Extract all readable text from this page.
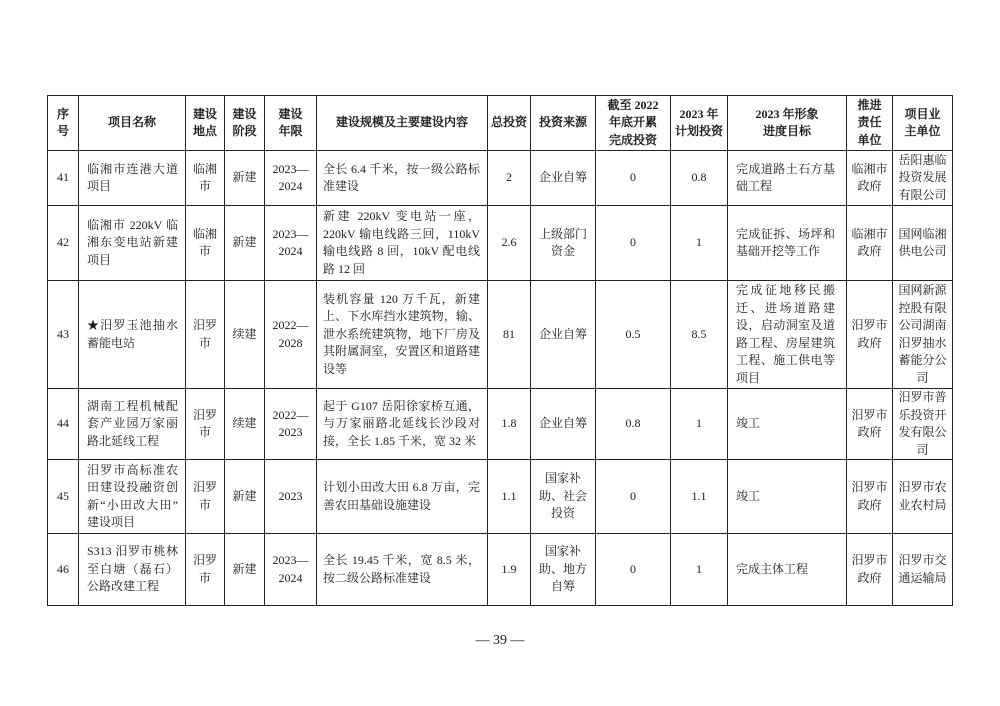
序号	项目名称	建设地点	建设阶段	建设年限	建设规模及主要建设内容	总投资	投资来源	截至 2022 年底开累完成投资	2023 年计划投资	2023 年形象进度目标	推进责任单位	项目业主单位
41	临湘市连港大道项目	临湘市	新建	2023—2024	全长 6.4 千米，按一级公路标准建设	2	企业自筹	0	0.8	完成道路土石方基础工程	临湘市政府	岳阳惠临投资发展有限公司
42	临湘市 220kV 临湘东变电站新建项目	临湘市	新建	2023—2024	新建 220kV 变电站一座，220kV 输电线路三回，110kV 输电线路 8 回，10kV 配电线路 12 回	2.6	上级部门资金	0	1	完成征拆、场坪和基础开挖等工作	临湘市政府	国网临湘供电公司
43	★汨罗玉池抽水蓄能电站	汨罗市	续建	2022—2028	装机容量 120 万千瓦，新建上、下水库挡水建筑物，输、泄水系统建筑物，地下厂房及其附属洞室，安置区和道路建设等	81	企业自筹	0.5	8.5	完成征地移民搬迁、进场道路建设，启动洞室及道路工程、房屋建筑工程、施工供电等项目	汨罗市政府	国网新源控股有限公司湖南汨罗抽水蓄能分公司
44	湖南工程机械配套产业园万家丽路北延线工程	汨罗市	续建	2022—2023	起于 G107 岳阳徐家桥互通，与万家丽路北延线长沙段对接，全长 1.85 千米，宽 32 米	1.8	企业自筹	0.8	1	竣工	汨罗市政府	汨罗市普乐投资开发有限公司
45	汨罗市高标准农田建设投融资创新“小田改大田”建设项目	汨罗市	新建	2023	计划小田改大田 6.8 万亩，完善农田基础设施建设	1.1	国家补助、社会投资	0	1.1	竣工	汨罗市政府	汨罗市农业农村局
46	S313 汨罗市桃林至白塘（磊石）公路改建工程	汨罗市	新建	2023—2024	全长 19.45 千米，宽 8.5 米，按二级公路标准建设	1.9	国家补助、地方自筹	0	1	完成主体工程	汨罗市政府	汨罗市交通运输局
— 39 —
